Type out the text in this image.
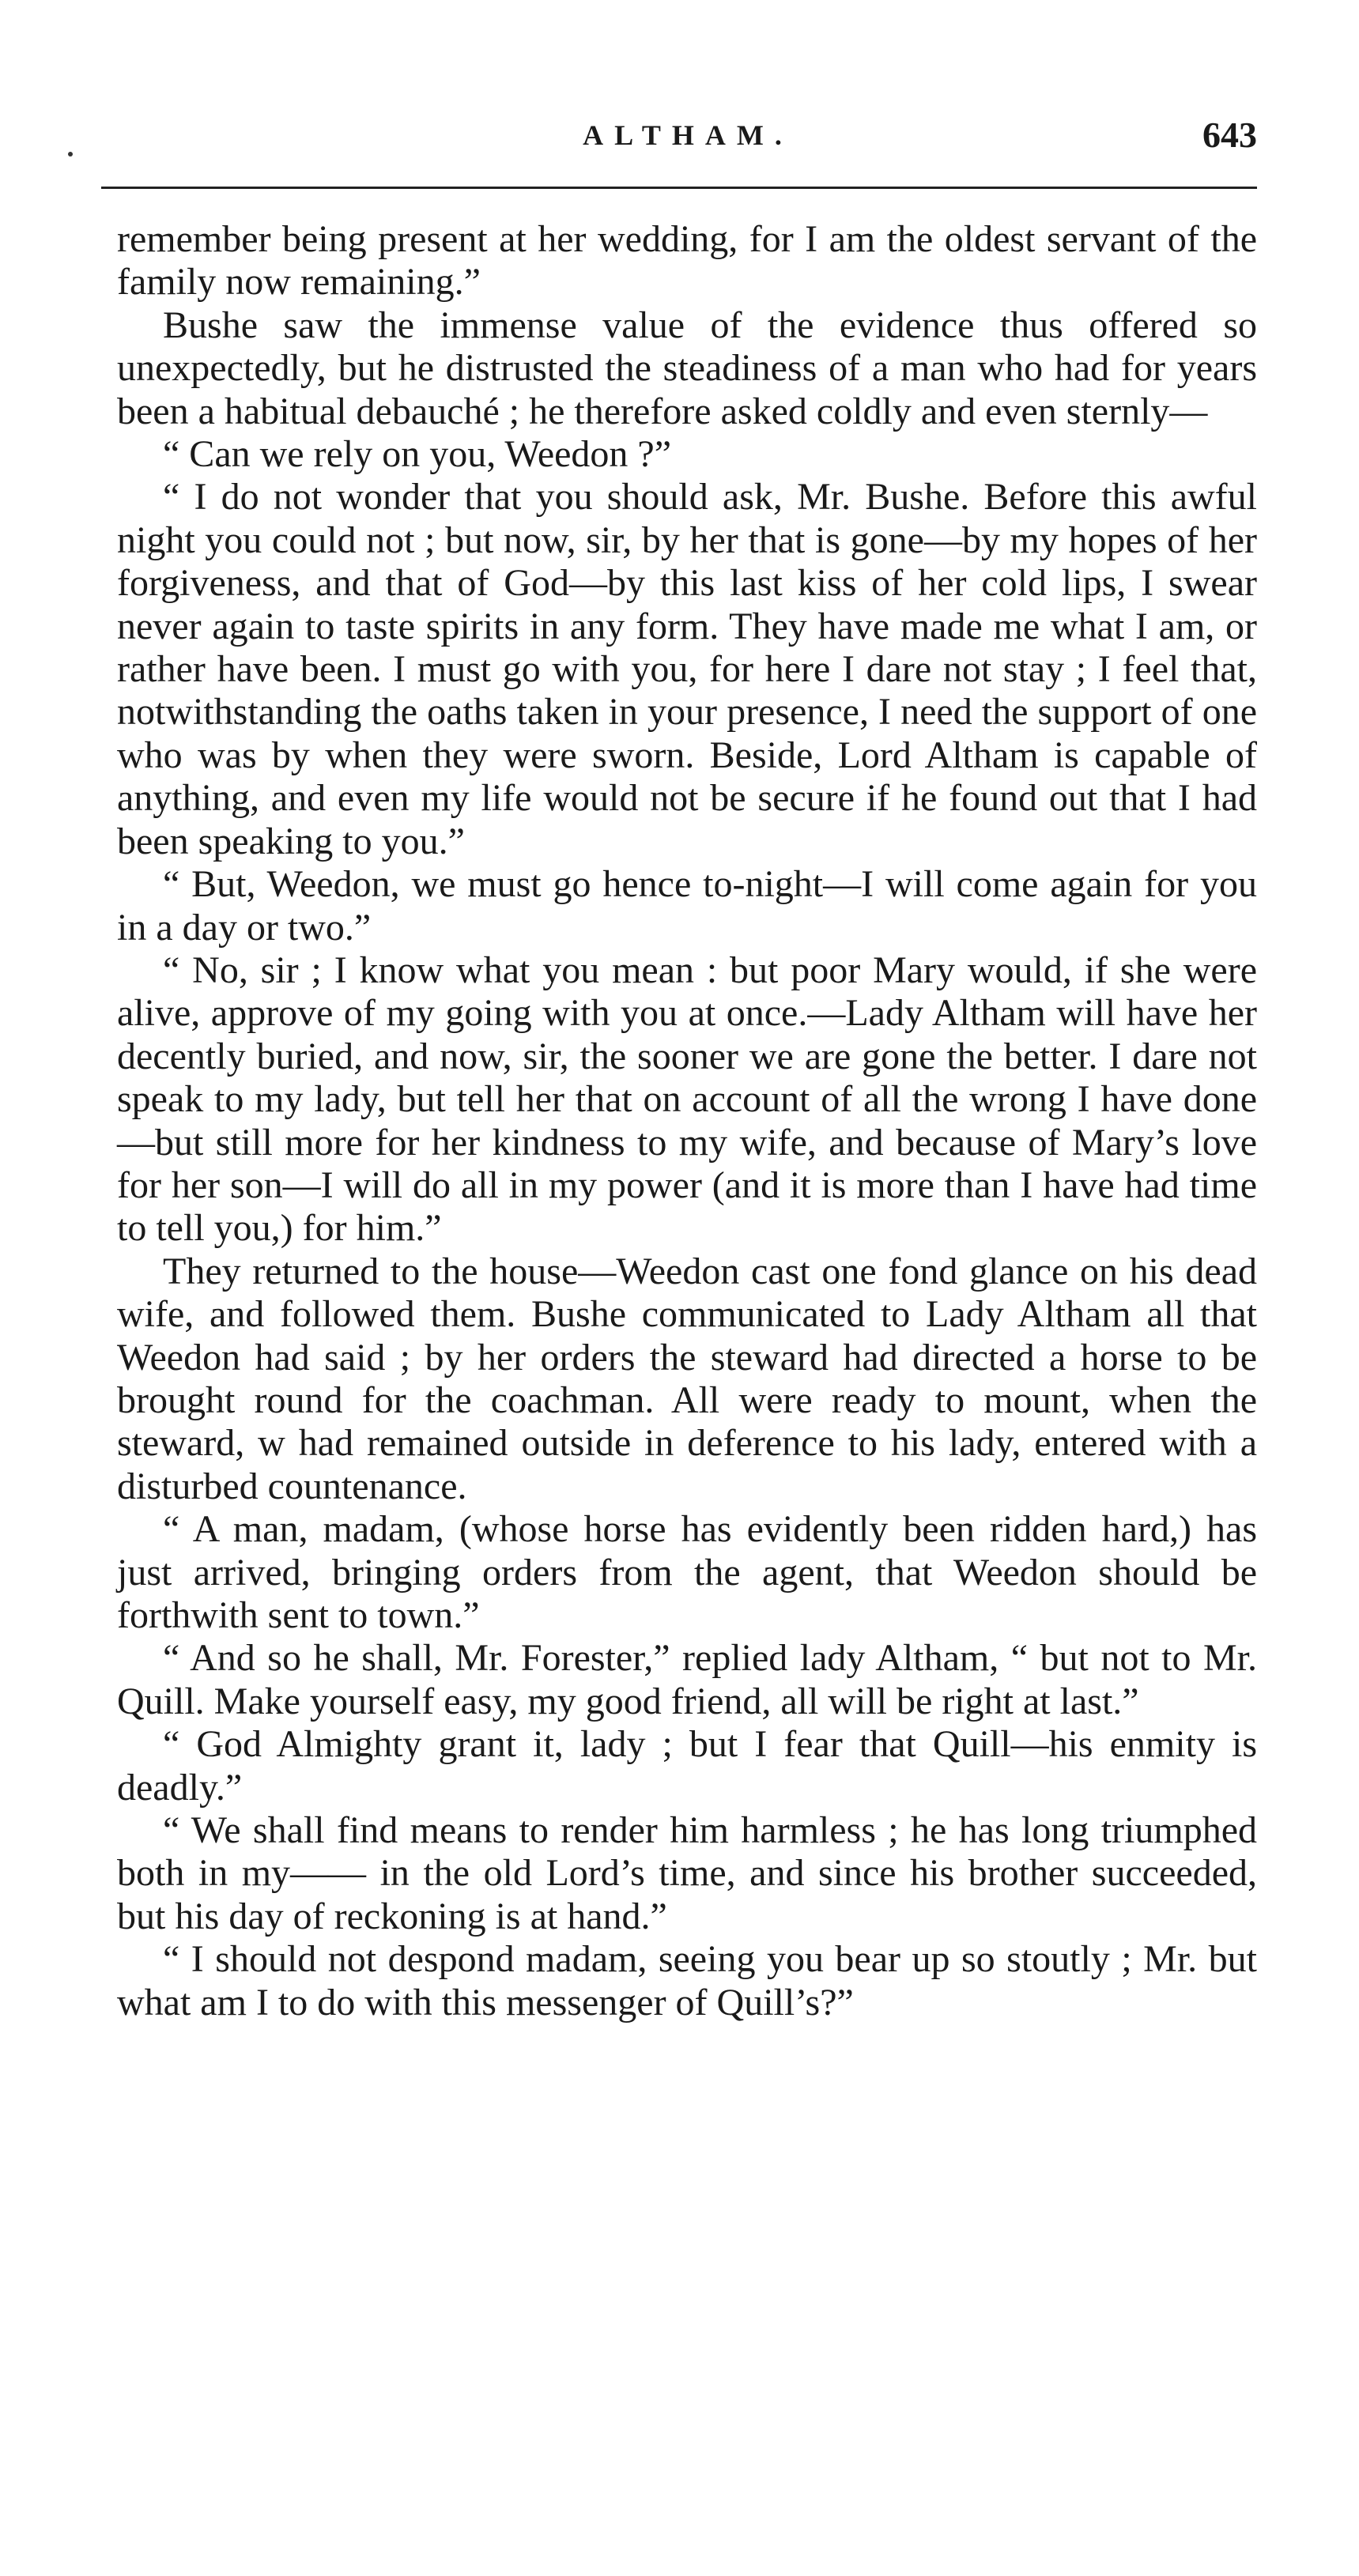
ALTHAM.	643

remember being present at her wedding, for I am the oldest servant of the family now remaining.”

Bushe saw the immense value of the evidence thus offered so unexpectedly, but he distrusted the steadiness of a man who had for years been a habitual debauché ; he therefore asked coldly and even sternly—

“ Can we rely on you, Weedon ?”

“ I do not wonder that you should ask, Mr. Bushe. Before this awful night you could not ; but now, sir, by her that is gone—by my hopes of her forgiveness, and that of God—by this last kiss of her cold lips, I swear never again to taste spirits in any form. They have made me what I am, or rather have been. I must go with you, for here I dare not stay ; I feel that, notwithstanding the oaths taken in your presence, I need the support of one who was by when they were sworn. Beside, Lord Altham is capable of anything, and even my life would not be secure if he found out that I had been speaking to you.”

“ But, Weedon, we must go hence to-night—I will come again for you in a day or two.”

“ No, sir ; I know what you mean : but poor Mary would, if she were alive, approve of my going with you at once.—Lady Altham will have her decently buried, and now, sir, the sooner we are gone the better. I dare not speak to my lady, but tell her that on account of all the wrong I have done—but still more for her kindness to my wife, and because of Mary’s love for her son—I will do all in my power (and it is more than I have had time to tell you,) for him.”

They returned to the house—Weedon cast one fond glance on his dead wife, and followed them. Bushe communicated to Lady Altham all that Weedon had said ; by her orders the steward had directed a horse to be brought round for the coachman. All were ready to mount, when the steward, w had remained outside in deference to his lady, entered with a disturbed countenance.

“ A man, madam, (whose horse has evidently been ridden hard,) has just arrived, bringing orders from the agent, that Weedon should be forthwith sent to town.”

“ And so he shall, Mr. Forester,” replied lady Altham, “ but not to Mr. Quill. Make yourself easy, my good friend, all will be right at last.”

“ God Almighty grant it, lady ; but I fear that Quill—his enmity is deadly.”

“ We shall find means to render him harmless ; he has long triumphed both in my—— in the old Lord’s time, and since his brother succeeded, but his day of reckoning is at hand.”

“ I should not despond madam, seeing you bear up so stoutly ; Mr. but what am I to do with this messenger of Quill’s?”
